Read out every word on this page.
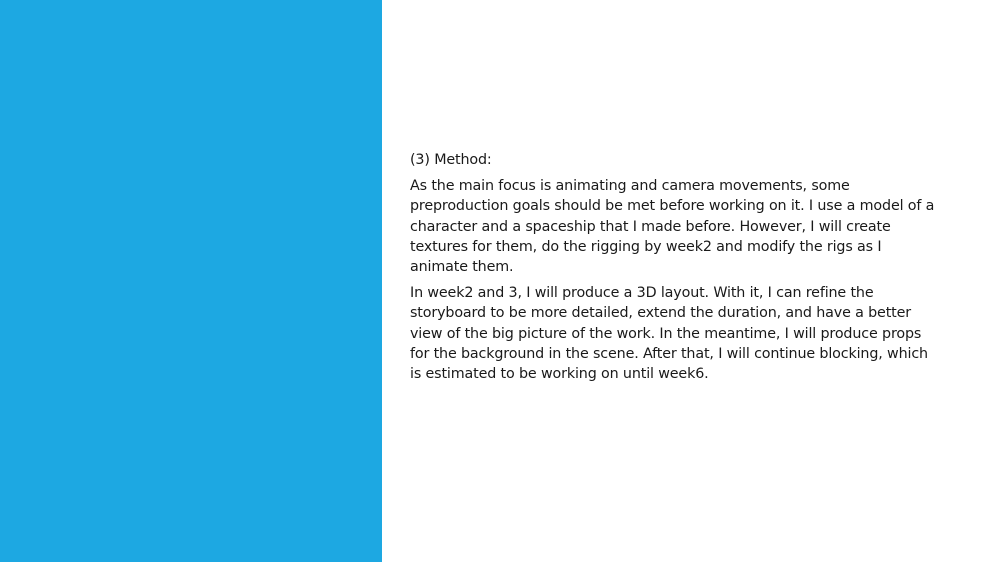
(3) Method:

As the main focus is animating and camera movements, some preproduction goals should be met before working on it. I use a model of a character and a spaceship that I made before. However, I will create textures for them, do the rigging by week2 and modify the rigs as I animate them.

In week2 and 3, I will produce a 3D layout. With it, I can refine the storyboard to be more detailed, extend the duration, and have a better view of the big picture of the work. In the meantime, I will produce props for the background in the scene. After that, I will continue blocking, which is estimated to be working on until week6.
